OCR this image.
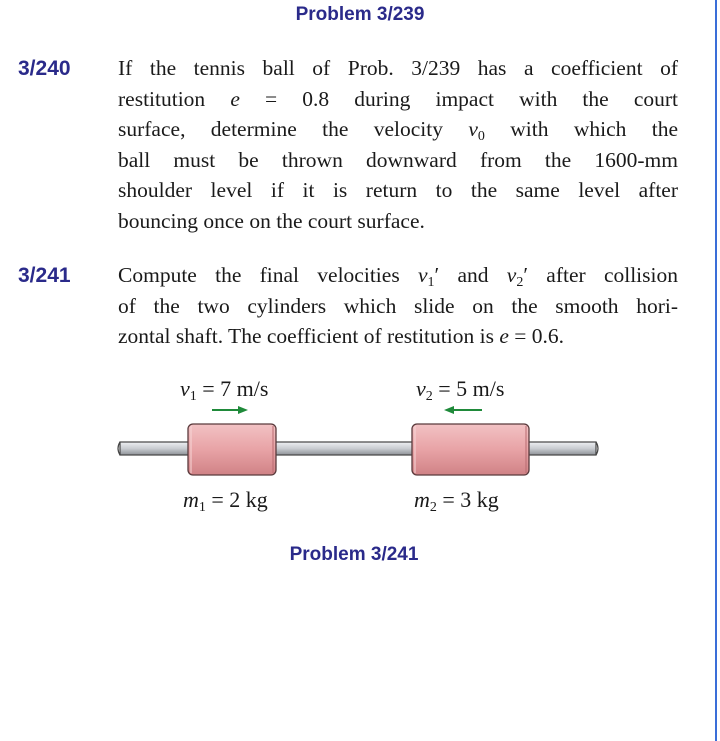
Problem 3/239
3/240 If the tennis ball of Prob. 3/239 has a coefficient of
restitution e = 0.8 during impact with the court
surface, determine the velocity $v_0$ with which the
ball must be thrown downward from the 1600-mm
shoulder level if it is return to the same level after
bouncing once on the court surface.
3/241 Compute the final velocities $v_1'$ and $v_2'$ after collision
of the two cylinders which slide on the smooth hori-
zontal shaft. The coefficient of restitution is e = 0.6.
$v_1 = 7$ m/s	$v_2 = 5$ m/s
$m_1 = 2$ kg	$m_2 = 3$ kg
Problem 3/241
